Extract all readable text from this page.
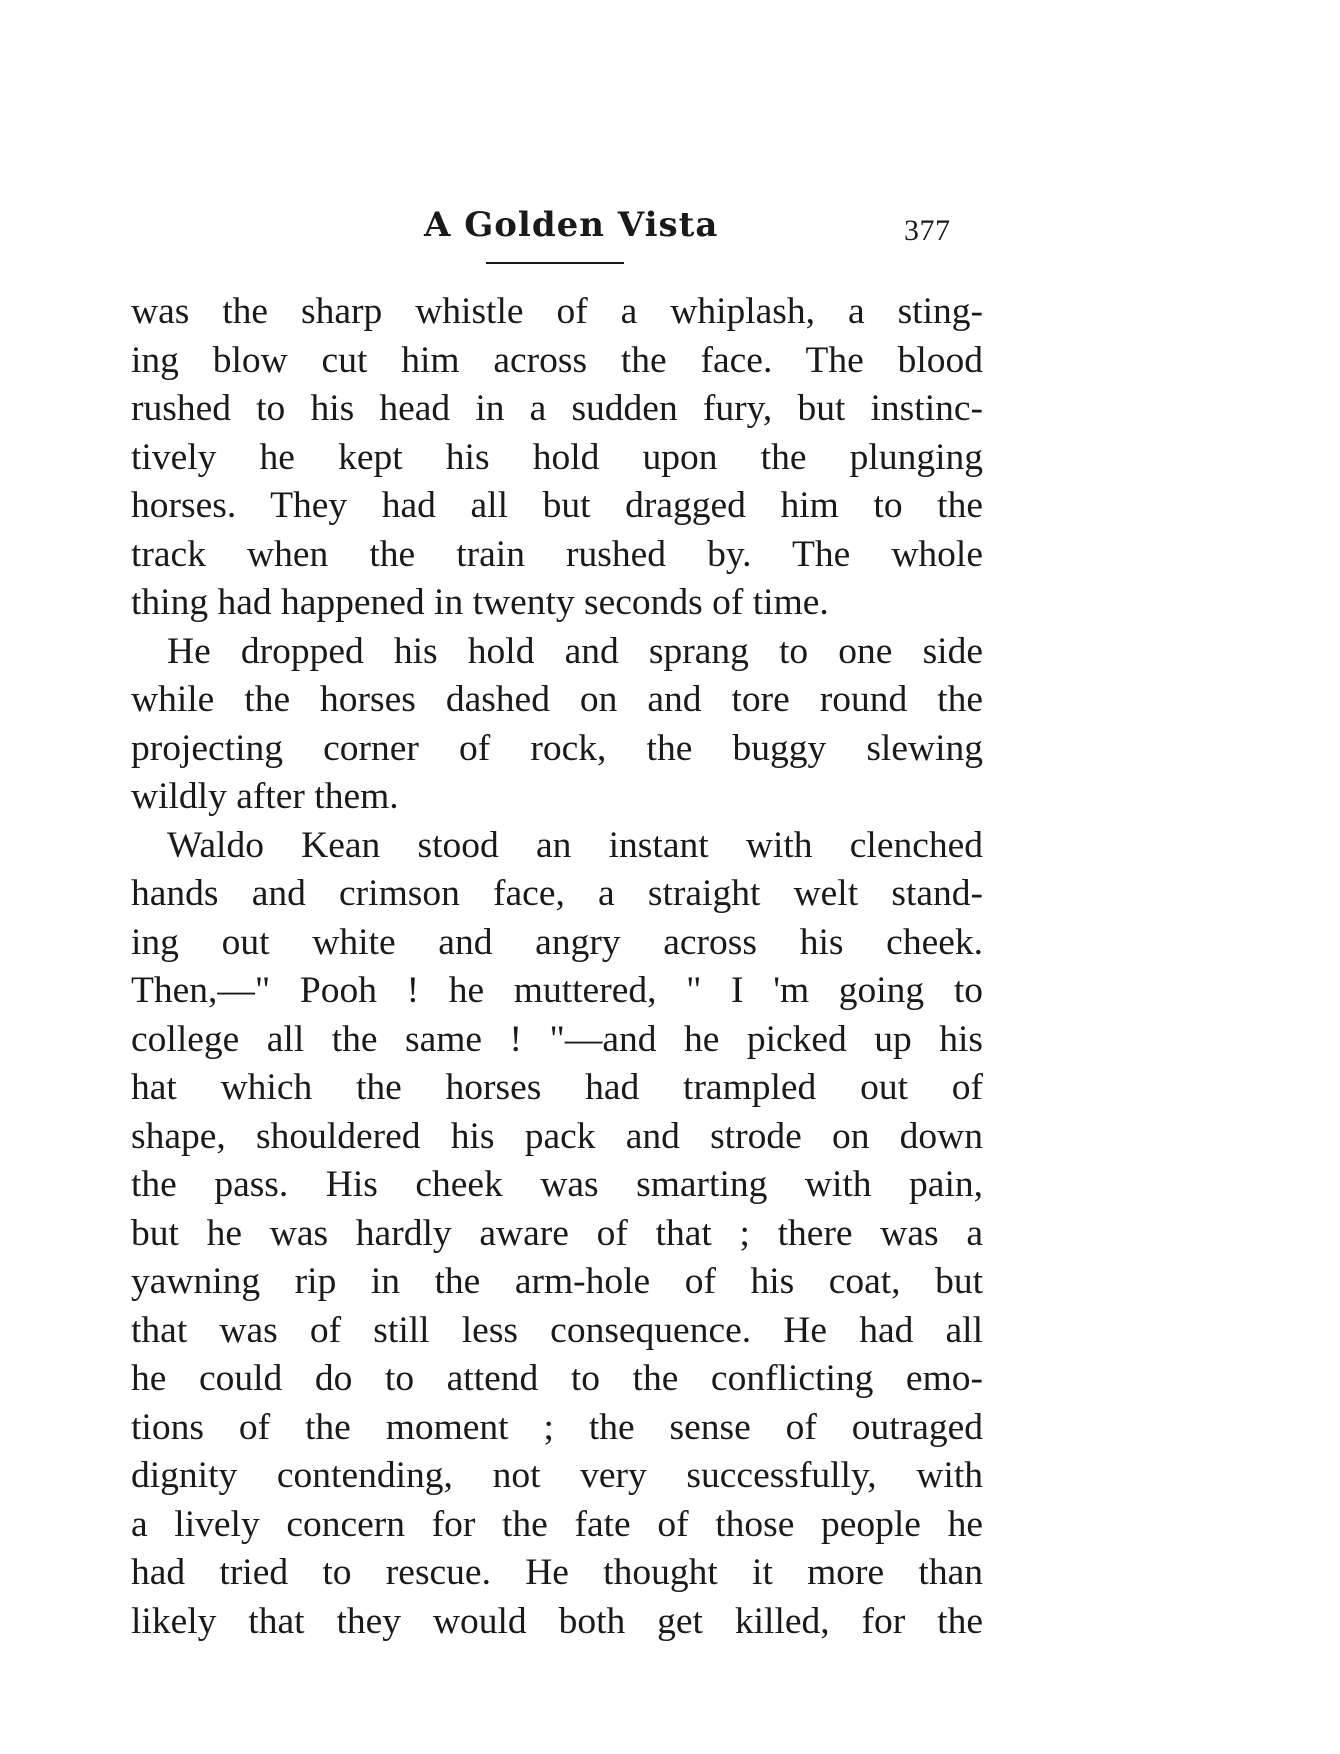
A Golden Vista	377
was the sharp whistle of a whiplash, a sting-
ing blow cut him across the face. The blood
rushed to his head in a sudden fury, but instinc-
tively he kept his hold upon the plunging
horses. They had all but dragged him to the
track when the train rushed by. The whole
thing had happened in twenty seconds of time.
He dropped his hold and sprang to one side
while the horses dashed on and tore round the
projecting corner of rock, the buggy slewing
wildly after them.
Waldo Kean stood an instant with clenched
hands and crimson face, a straight welt stand-
ing out white and angry across his cheek.
Then,—" Pooh ! he muttered, " I 'm going to
college all the same ! "—and he picked up his
hat which the horses had trampled out of
shape, shouldered his pack and strode on down
the pass. His cheek was smarting with pain,
but he was hardly aware of that ; there was a
yawning rip in the arm-hole of his coat, but
that was of still less consequence. He had all
he could do to attend to the conflicting emo-
tions of the moment ; the sense of outraged
dignity contending, not very successfully, with
a lively concern for the fate of those people he
had tried to rescue. He thought it more than
likely that they would both get killed, for the
